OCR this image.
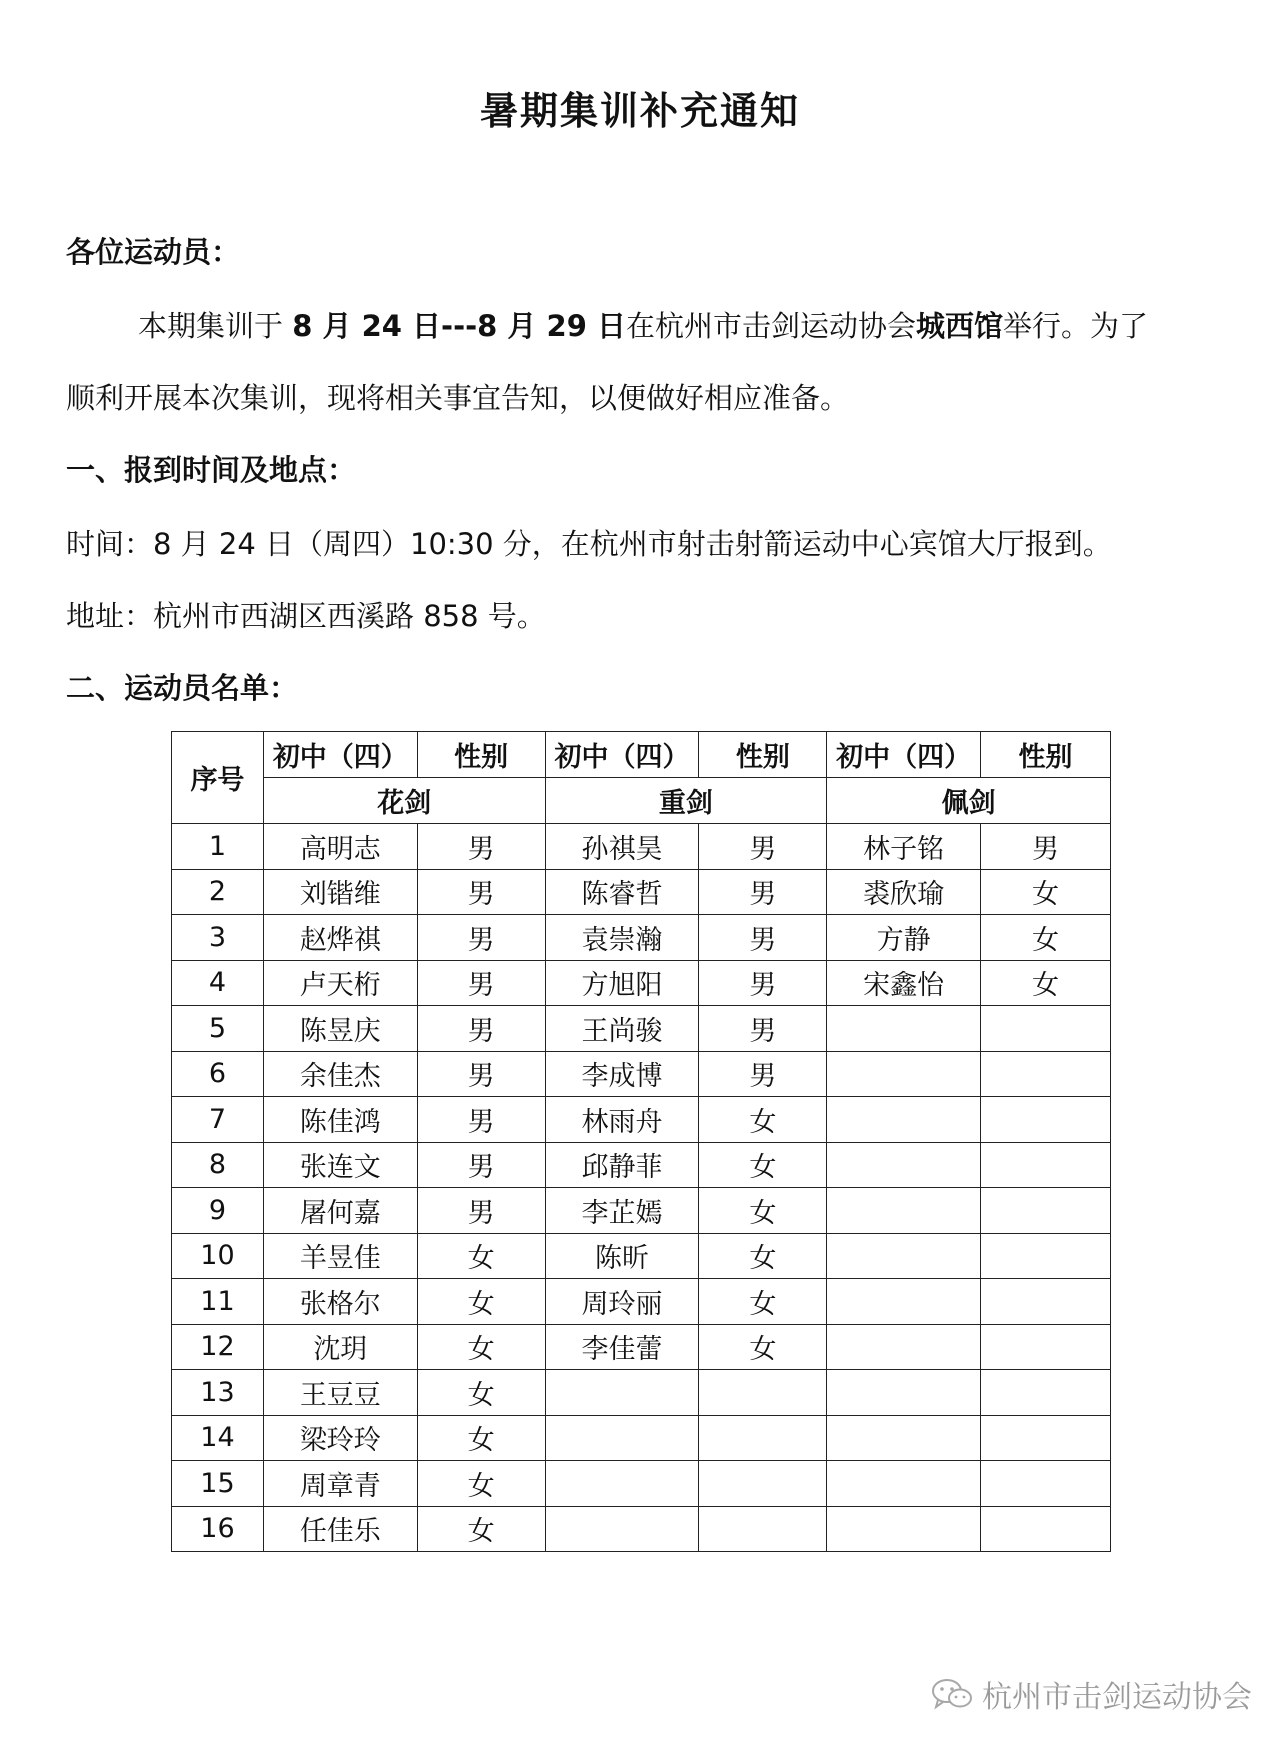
暑期集训补充通知
各位运动员：
本期集训于 8 月 24 日---8 月 29 日在杭州市击剑运动协会城西馆举行。为了
顺利开展本次集训，现将相关事宜告知，以便做好相应准备。
一、报到时间及地点：
时间：8 月 24 日（周四）10:30 分，在杭州市射击射箭运动中心宾馆大厅报到。
地址：杭州市西湖区西溪路 858 号。
二、运动员名单：
序号	初中（四）	性别	初中（四）	性别	初中（四）	性别
	花剑		重剑		佩剑	
1	高明志	男	孙祺昊	男	林子铭	男
2	刘锴维	男	陈睿哲	男	裘欣瑜	女
3	赵烨祺	男	袁崇瀚	男	方静	女
4	卢天桁	男	方旭阳	男	宋鑫怡	女
5	陈昱庆	男	王尚骏	男		
6	余佳杰	男	李成博	男		
7	陈佳鸿	男	林雨舟	女		
8	张连文	男	邱静菲	女		
9	屠何嘉	男	李芷嫣	女		
10	羊昱佳	女	陈昕	女		
11	张格尔	女	周玲丽	女		
12	沈玥	女	李佳蕾	女		
13	王豆豆	女				
14	梁玲玲	女				
15	周章青	女				
16	任佳乐	女				
杭州市击剑运动协会
